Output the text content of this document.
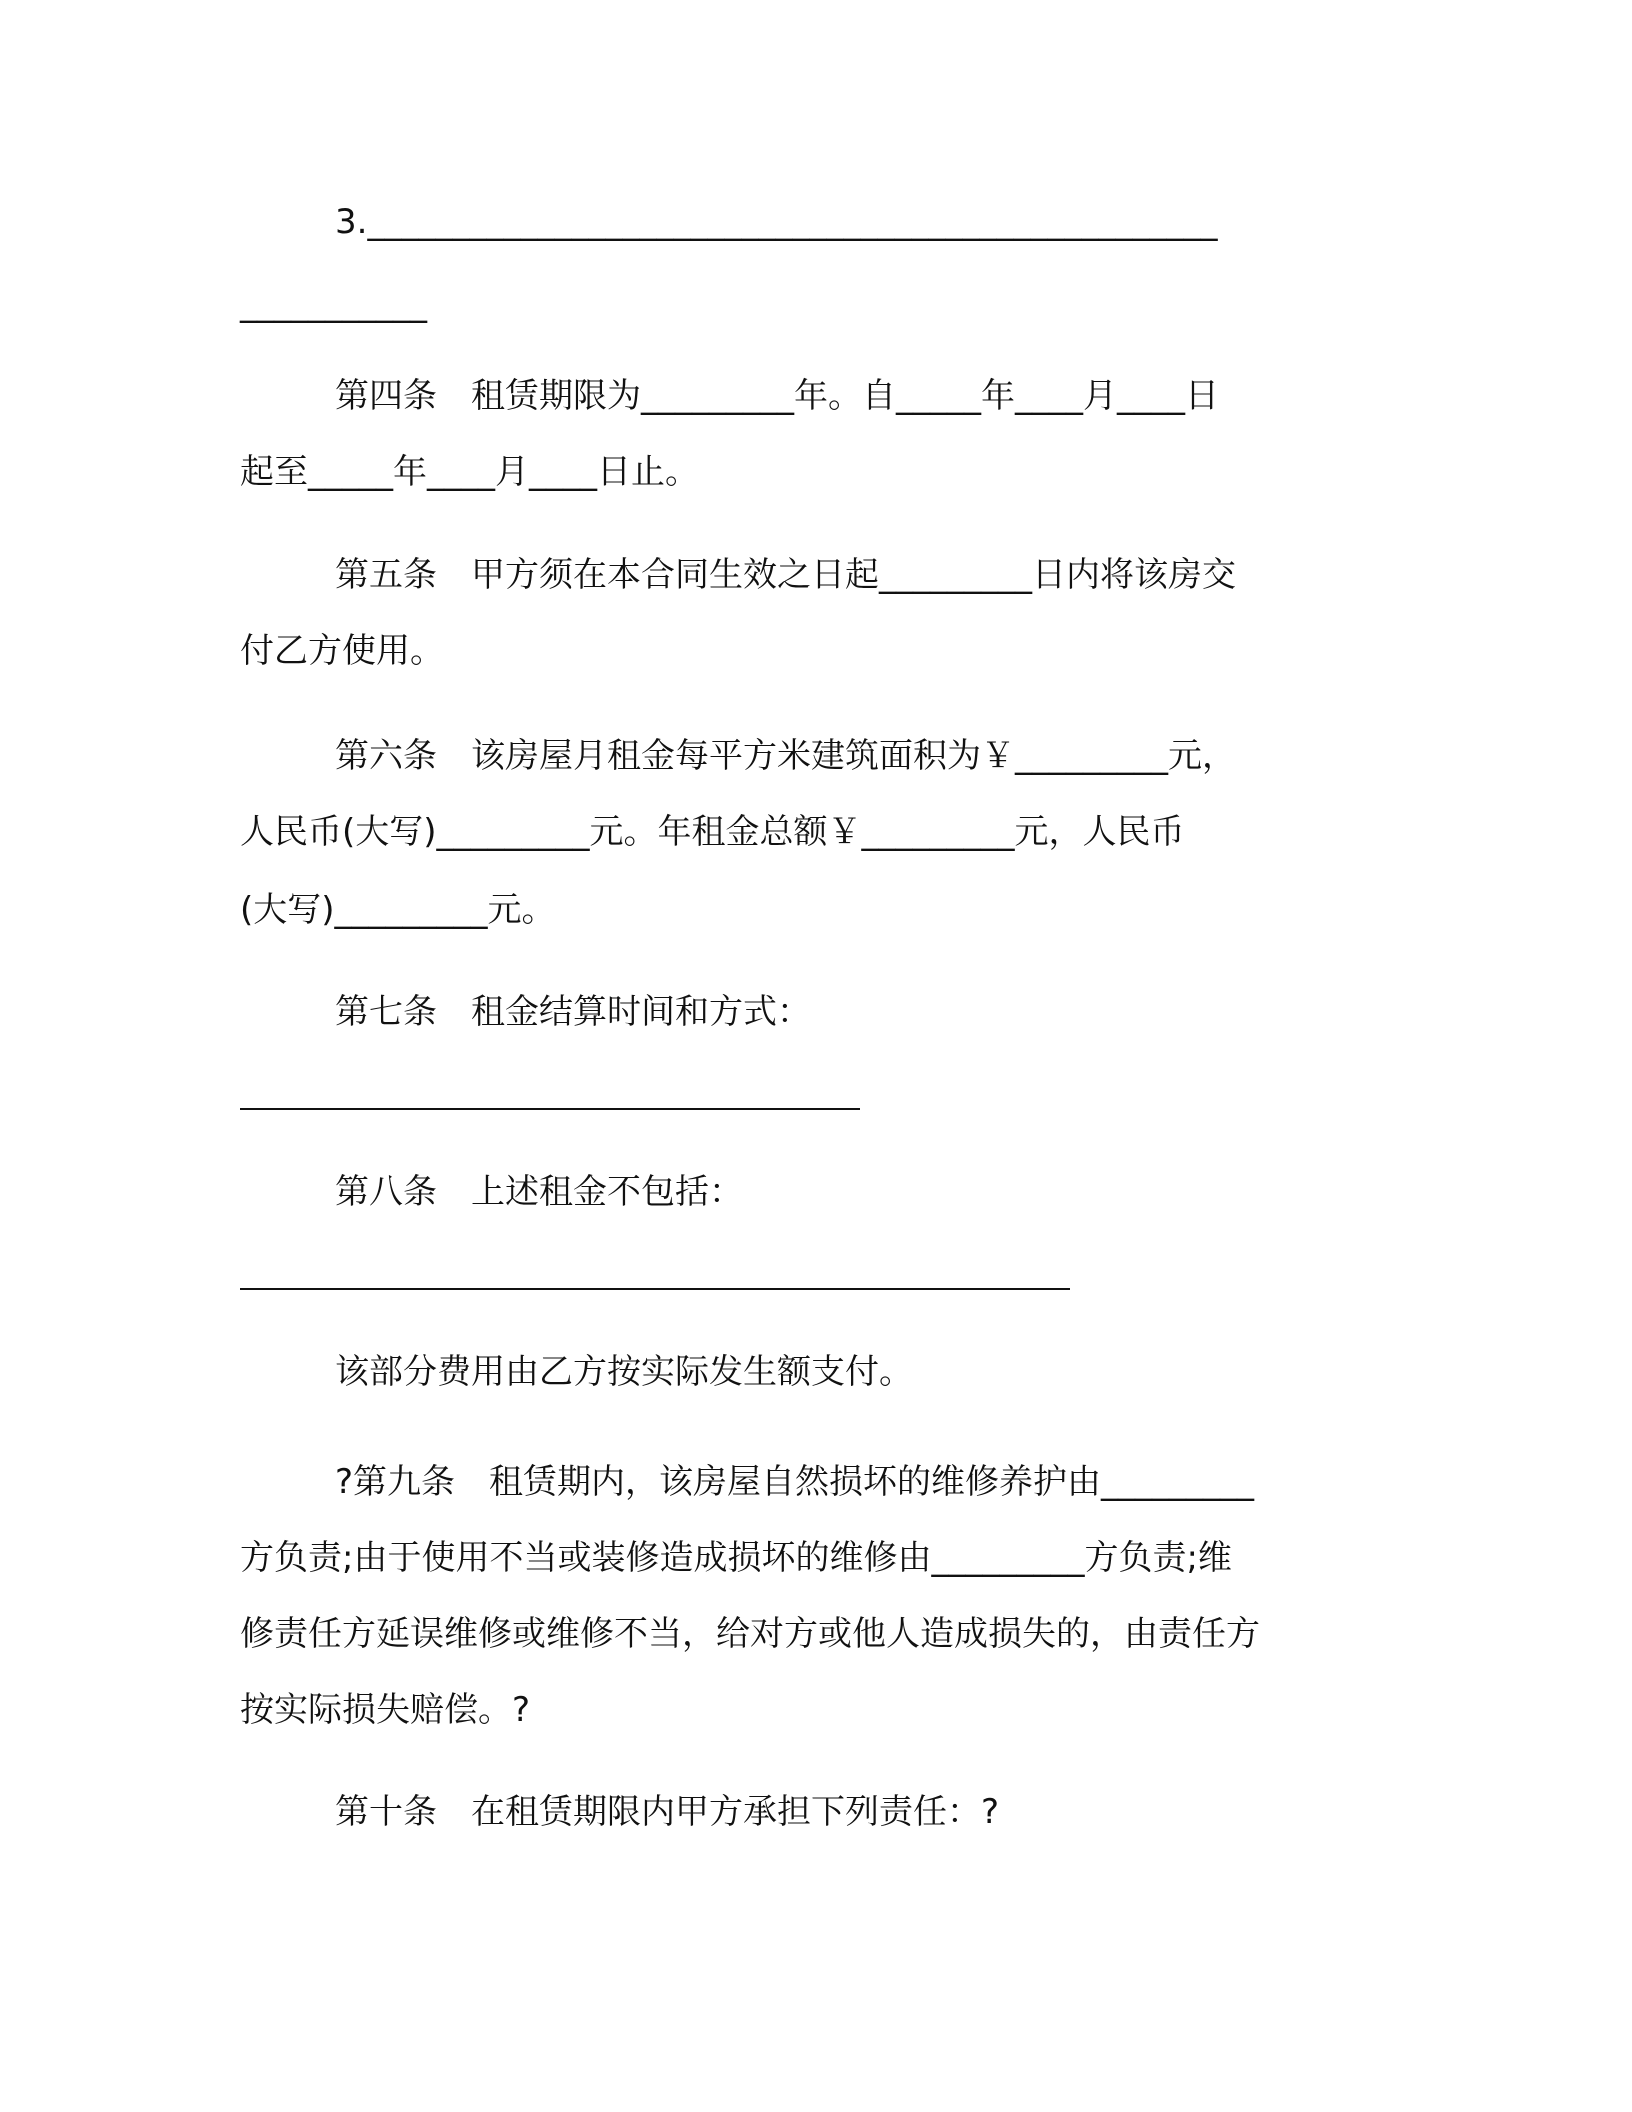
3.__________________________________________________
___________
第四条　租赁期限为_________年。自_____年____月____日
起至_____年____月____日止。
第五条　甲方须在本合同生效之日起_________日内将该房交
付乙方使用。
第六条　该房屋月租金每平方米建筑面积为￥_________元，
人民币(大写)_________元。年租金总额￥_________元，人民币
(大写)_________元。
第七条　租金结算时间和方式：
第八条　上述租金不包括：
该部分费用由乙方按实际发生额支付。
?第九条　租赁期内，该房屋自然损坏的维修养护由_________
方负责;由于使用不当或装修造成损坏的维修由_________方负责;维
修责任方延误维修或维修不当，给对方或他人造成损失的，由责任方
按实际损失赔偿。?
第十条　在租赁期限内甲方承担下列责任：?
